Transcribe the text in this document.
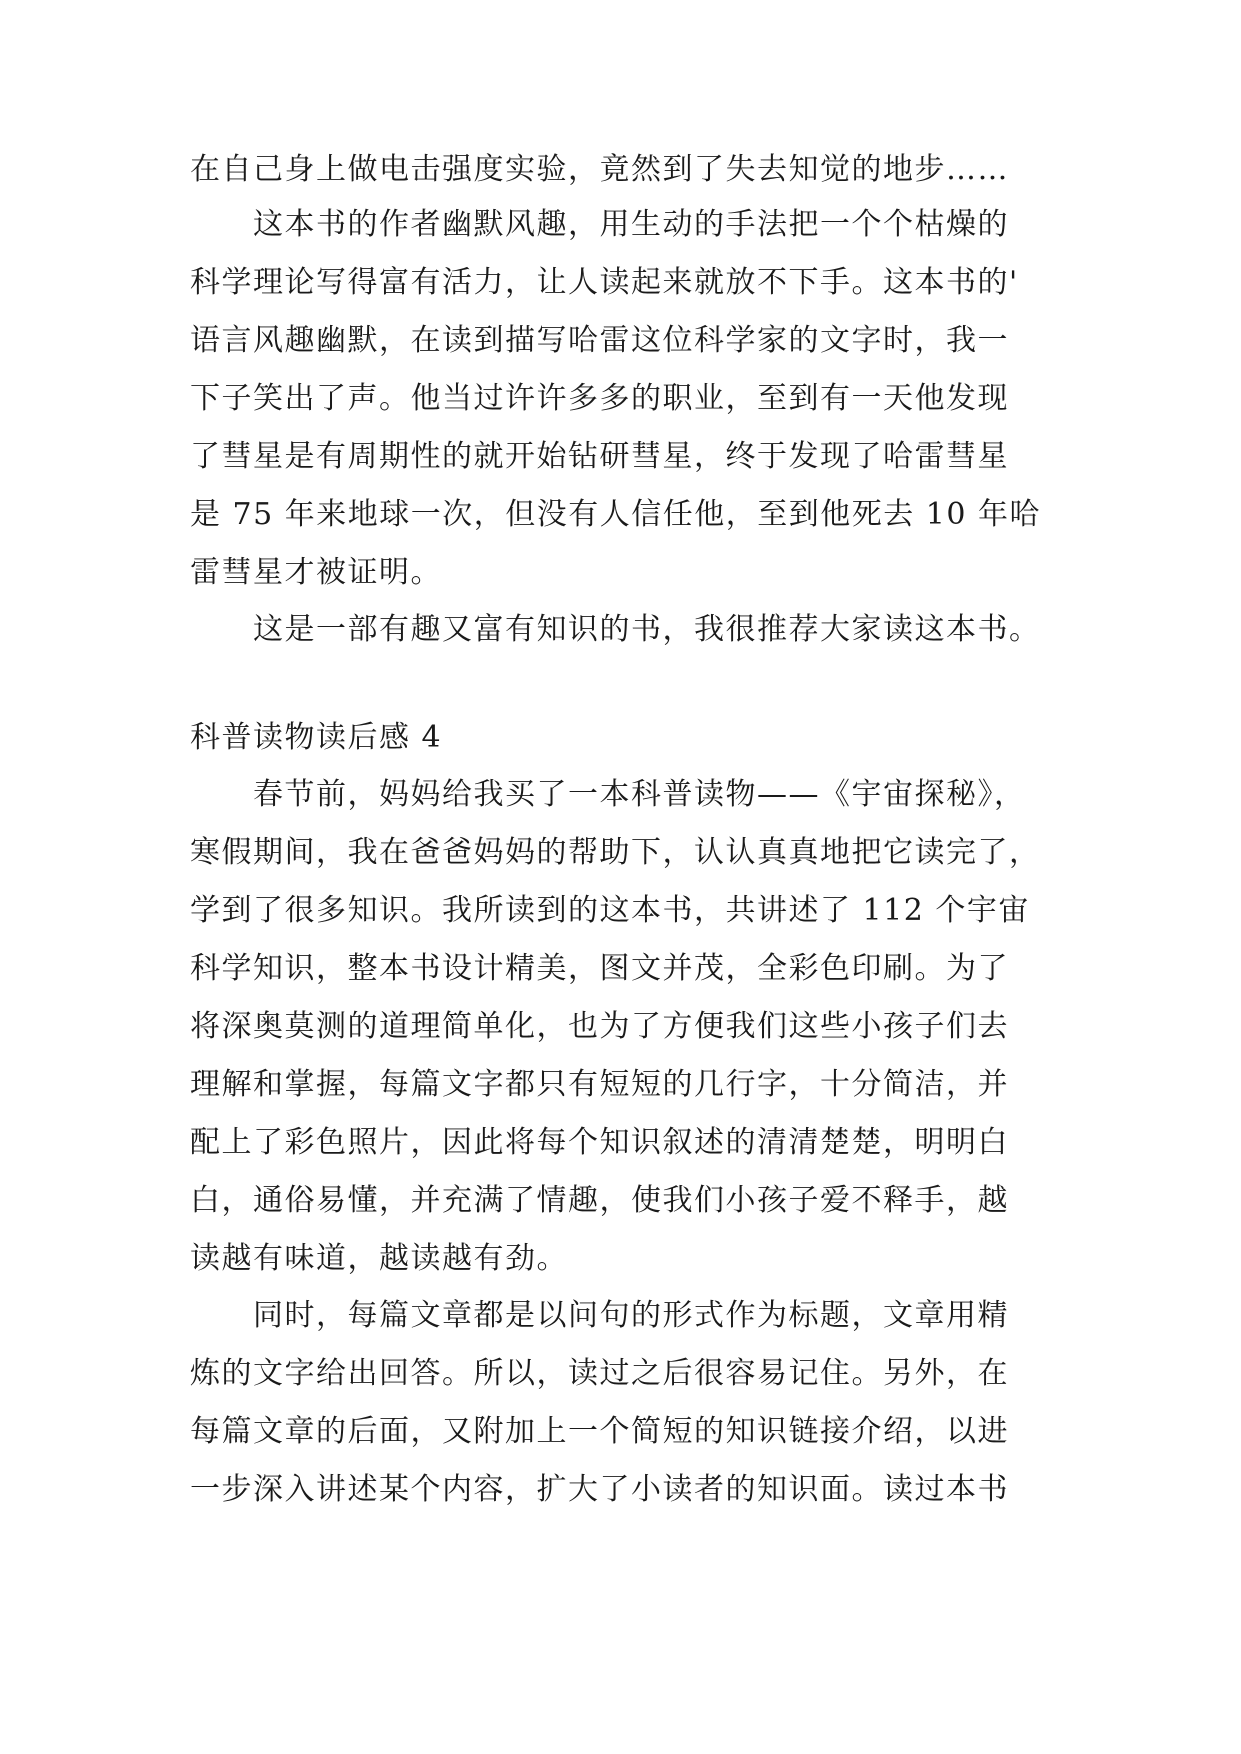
在自己身上做电击强度实验，竟然到了失去知觉的地步……
这本书的作者幽默风趣，用生动的手法把一个个枯燥的
科学理论写得富有活力，让人读起来就放不下手。这本书的'
语言风趣幽默，在读到描写哈雷这位科学家的文字时，我一
下子笑出了声。他当过许许多多的职业，至到有一天他发现
了彗星是有周期性的就开始钻研彗星，终于发现了哈雷彗星
是 75 年来地球一次，但没有人信任他，至到他死去 10 年哈
雷彗星才被证明。
这是一部有趣又富有知识的书，我很推荐大家读这本书。
科普读物读后感 4
春节前，妈妈给我买了一本科普读物——《宇宙探秘》，
寒假期间，我在爸爸妈妈的帮助下，认认真真地把它读完了，
学到了很多知识。我所读到的这本书，共讲述了 112 个宇宙
科学知识，整本书设计精美，图文并茂，全彩色印刷。为了
将深奥莫测的道理简单化，也为了方便我们这些小孩子们去
理解和掌握，每篇文字都只有短短的几行字，十分简洁，并
配上了彩色照片，因此将每个知识叙述的清清楚楚，明明白
白，通俗易懂，并充满了情趣，使我们小孩子爱不释手，越
读越有味道，越读越有劲。
同时，每篇文章都是以问句的形式作为标题，文章用精
炼的文字给出回答。所以，读过之后很容易记住。另外，在
每篇文章的后面，又附加上一个简短的知识链接介绍，以进
一步深入讲述某个内容，扩大了小读者的知识面。读过本书
